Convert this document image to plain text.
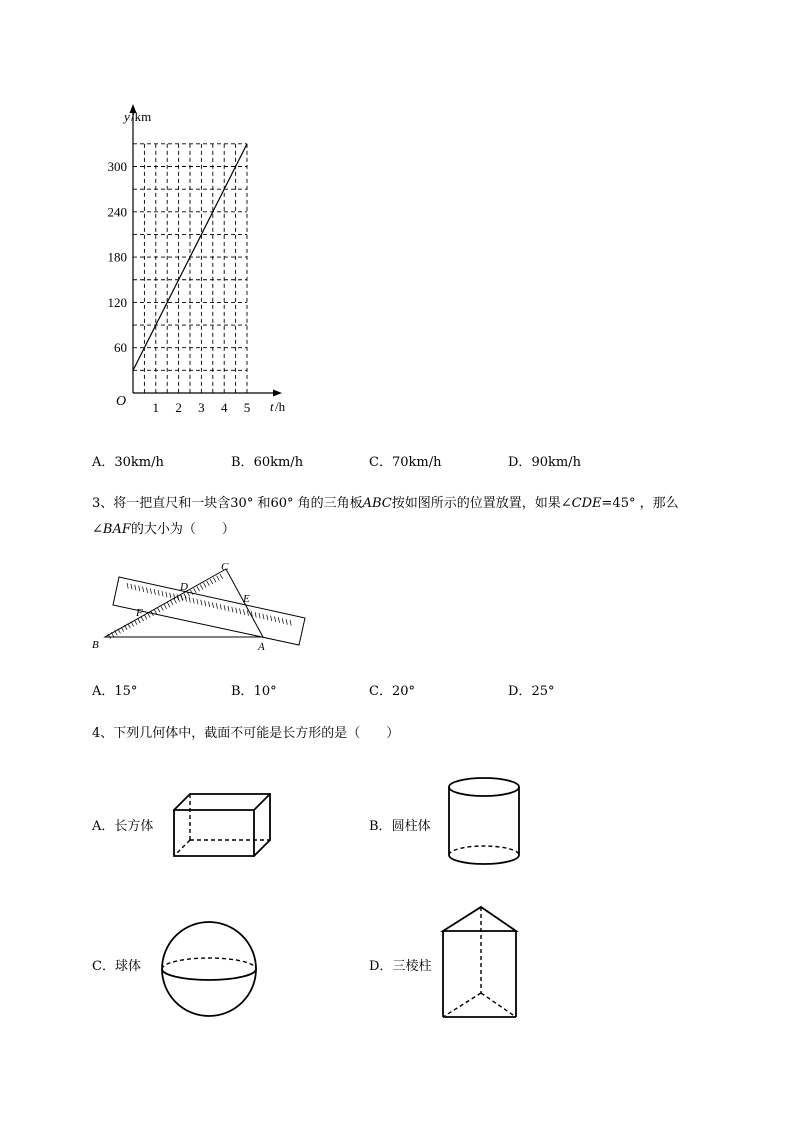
1 2 3 4 5
60
120
180
240
300
y /km
t /h
O
A．30km/h	B．60km/h	C．70km/h	D．90km/h
3、将一把直尺和一块含30° 和60° 角的三角板ABC按如图所示的位置放置，如果∠CDE=45° ，那么
∠BAF的大小为（　　）
C
D
E
F
B	A
A．15°	B．10°	C．20°	D．25°
4、下列几何体中，截面不可能是长方形的是（　　）
A．长方体	B．圆柱体
C．球体	D．三棱柱
